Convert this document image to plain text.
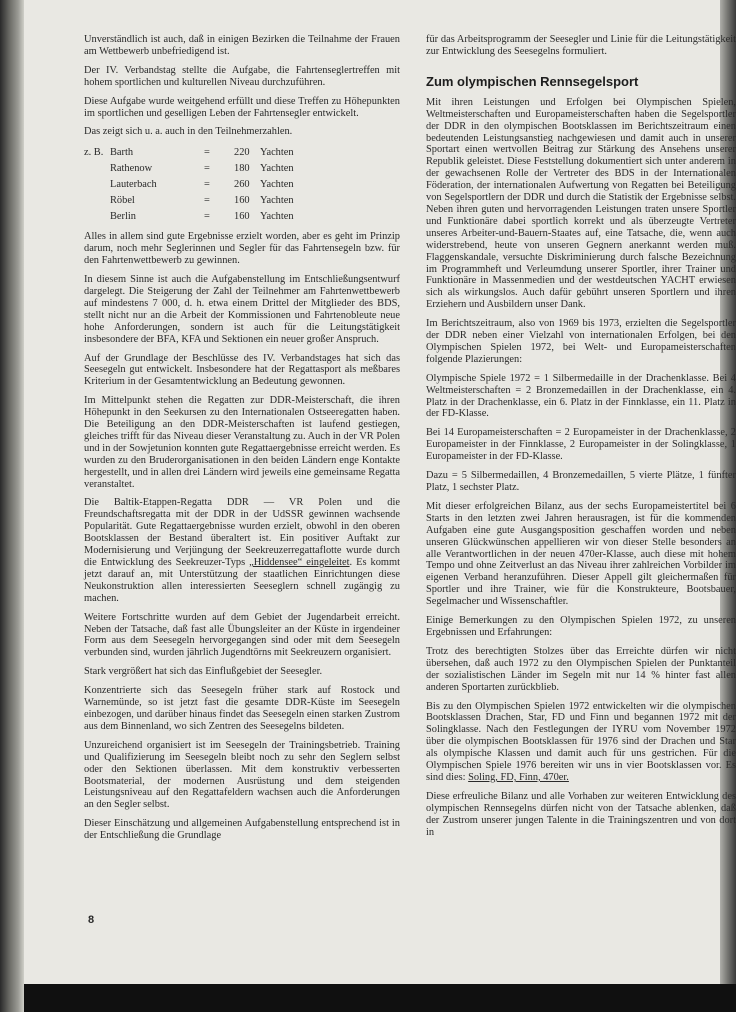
Unverständlich ist auch, daß in einigen Bezirken die Teilnahme der Frauen am Wettbewerb unbefriedigend ist.

Der IV. Verbandstag stellte die Aufgabe, die Fahrtenseglertreffen mit hohem sportlichen und kulturellen Niveau durchzuführen.

Diese Aufgabe wurde weitgehend erfüllt und diese Treffen zu Höhepunkten im sportlichen und geselligen Leben der Fahrtensegler entwickelt.

Das zeigt sich u. a. auch in den Teilnehmerzahlen.

z. B.	Barth	=	220	Yachten
	Rathenow	=	180	Yachten
	Lauterbach	=	260	Yachten
	Röbel	=	160	Yachten
	Berlin	=	160	Yachten

Alles in allem sind gute Ergebnisse erzielt worden, aber es geht im Prinzip darum, noch mehr Seglerinnen und Segler für das Fahrtensegeln bzw. für den Fahrtenwettbewerb zu gewinnen.

In diesem Sinne ist auch die Aufgabenstellung im Entschließungsentwurf dargelegt. Die Steigerung der Zahl der Teilnehmer am Fahrtenwettbewerb auf mindestens 7 000, d. h. etwa einem Drittel der Mitglieder des BDS, stellt nicht nur an die Arbeit der Kommissionen und Fahrtenobleute neue hohe Anforderungen, sondern ist auch für die Leitungstätigkeit insbesondere der BFA, KFA und Sektionen ein neuer großer Anspruch.

Auf der Grundlage der Beschlüsse des IV. Verbandstages hat sich das Seesegeln gut entwickelt. Insbesondere hat der Regattasport als meßbares Kriterium in der Gesamtentwicklung an Bedeutung gewonnen.

Im Mittelpunkt stehen die Regatten zur DDR-Meisterschaft, die ihren Höhepunkt in den Seekursen zu den Internationalen Ostseeregatten haben. Die Beteiligung an den DDR-Meisterschaften ist laufend gestiegen, gleiches trifft für das Niveau dieser Veranstaltung zu. Auch in der VR Polen und in der Sowjetunion konnten gute Regattaergebnisse erreicht werden. Es wurden zu den Bruderorganisationen in den beiden Ländern enge Kontakte hergestellt, und in allen drei Ländern wird jeweils eine gemeinsame Regatta veranstaltet.

Die Baltik-Etappen-Regatta DDR — VR Polen und die Freundschaftsregatta mit der DDR in der UdSSR gewinnen wachsende Popularität. Gute Regattaergebnisse wurden erzielt, obwohl in den oberen Bootsklassen der Bestand überaltert ist. Ein positiver Auftakt zur Modernisierung und Verjüngung der Seekreuzerregattaflotte wurde durch die Entwicklung des Seekreuzer-Typs „Hiddensee“ eingeleitet. Es kommt jetzt darauf an, mit Unterstützung der staatlichen Einrichtungen diese Neukonstruktion allen interessierten Seeseglern schnell zugängig zu machen.

Weitere Fortschritte wurden auf dem Gebiet der Jugendarbeit erreicht. Neben der Tatsache, daß fast alle Übungsleiter an der Küste in irgendeiner Form aus dem Seesegeln hervorgegangen sind oder mit dem Seesegeln verbunden sind, wurden jährlich Jugendtörns mit Seekreuzern organisiert.

Stark vergrößert hat sich das Einflußgebiet der Seesegler.

Konzentrierte sich das Seesegeln früher stark auf Rostock und Warnemünde, so ist jetzt fast die gesamte DDR-Küste im Seesegeln einbezogen, und darüber hinaus findet das Seesegeln einen starken Zustrom aus dem Binnenland, wo sich Zentren des Seesegelns bildeten.

Unzureichend organisiert ist im Seesegeln der Trainingsbetrieb. Training und Qualifizierung im Seesegeln bleibt noch zu sehr den Seglern selbst oder den Sektionen überlassen. Mit dem konstruktiv verbesserten Bootsmaterial, der modernen Ausrüstung und dem steigenden Leistungsniveau auf den Regattafeldern wachsen auch die Anforderungen an den Segler selbst.

Dieser Einschätzung und allgemeinen Aufgabenstellung entsprechend ist in der Entschließung die Grundlage

für das Arbeitsprogramm der Seesegler und Linie für die Leitungstätigkeit zur Entwicklung des Seesegelns formuliert.

Zum olympischen Rennsegelsport

Mit ihren Leistungen und Erfolgen bei Olympischen Spielen, Weltmeisterschaften und Europameisterschaften haben die Segelsportler der DDR in den olympischen Bootsklassen im Berichtszeitraum einen bedeutenden Leistungsanstieg nachgewiesen und damit auch in unserer Sportart einen wertvollen Beitrag zur Stärkung des Ansehens unserer Republik geleistet. Diese Feststellung dokumentiert sich unter anderem in der gewachsenen Rolle der Vertreter des BDS in der Internationalen Föderation, der internationalen Aufwertung von Regatten bei Beteiligung von Segelsportlern der DDR und durch die Statistik der Ergebnisse selbst. Neben ihren guten und hervorragenden Leistungen traten unsere Sportler und Funktionäre dabei sportlich korrekt und als überzeugte Vertreter unseres Arbeiter-und-Bauern-Staates auf, eine Tatsache, die, wenn auch widerstrebend, heute von unseren Gegnern anerkannt werden muß. Flaggenskandale, versuchte Diskriminierung durch falsche Bezeichnung im Programmheft und Verleumdung unserer Sportler, ihrer Trainer und Funktionäre in Massenmedien und der westdeutschen YACHT erwiesen sich als wirkungslos. Auch dafür gebührt unseren Sportlern und ihren Erziehern und Ausbildern unser Dank.

Im Berichtszeitraum, also von 1969 bis 1973, erzielten die Segelsportler der DDR neben einer Vielzahl von internationalen Erfolgen, bei den Olympischen Spielen 1972, bei Welt- und Europameisterschaften folgende Plazierungen:

Olympische Spiele 1972 = 1 Silbermedaille in der Drachenklasse. Bei 4 Weltmeisterschaften = 2 Bronzemedaillen in der Drachenklasse, ein 4. Platz in der Drachenklasse, ein 6. Platz in der Finnklasse, ein 11. Platz in der FD-Klasse.

Bei 14 Europameisterschaften = 2 Europameister in der Drachenklasse, 2 Europameister in der Finnklasse, 2 Europameister in der Solingklasse, 1 Europameister in der FD-Klasse.

Dazu = 5 Silbermedaillen, 4 Bronzemedaillen, 5 vierte Plätze, 1 fünfter Platz, 1 sechster Platz.

Mit dieser erfolgreichen Bilanz, aus der sechs Europameistertitel bei 6 Starts in den letzten zwei Jahren herausragen, ist für die kommenden Aufgaben eine gute Ausgangsposition geschaffen worden und neben unseren Glückwünschen appellieren wir von dieser Stelle besonders an alle Verantwortlichen in der neuen 470er-Klasse, auch diese mit hohem Tempo und ohne Zeitverlust an das Niveau ihrer zahlreichen Vorbilder im eigenen Verband heranzuführen. Dieser Appell gilt gleichermaßen für Sportler und ihre Trainer, wie für die Konstrukteure, Bootsbauer, Segelmacher und Wissenschaftler.

Einige Bemerkungen zu den Olympischen Spielen 1972, zu unseren Ergebnissen und Erfahrungen:

Trotz des berechtigten Stolzes über das Erreichte dürfen wir nicht übersehen, daß auch 1972 zu den Olympischen Spielen der Punktanteil der sozialistischen Länder im Segeln mit nur 14 % hinter fast allen anderen Sportarten zurückblieb.

Bis zu den Olympischen Spielen 1972 entwickelten wir die olympischen Bootsklassen Drachen, Star, FD und Finn und begannen 1972 mit der Solingklasse. Nach den Festlegungen der IYRU vom November 1972 über die olympischen Bootsklassen für 1976 sind der Drachen und Star als olympische Klassen und damit auch für uns gestrichen. Für die Olympischen Spiele 1976 bereiten wir uns in vier Bootsklassen vor. Es sind dies: Soling, FD, Finn, 470er.

Diese erfreuliche Bilanz und alle Vorhaben zur weiteren Entwicklung des olympischen Rennsegelns dürfen nicht von der Tatsache ablenken, daß der Zustrom unserer jungen Talente in die Trainingszentren und von dort in

8
